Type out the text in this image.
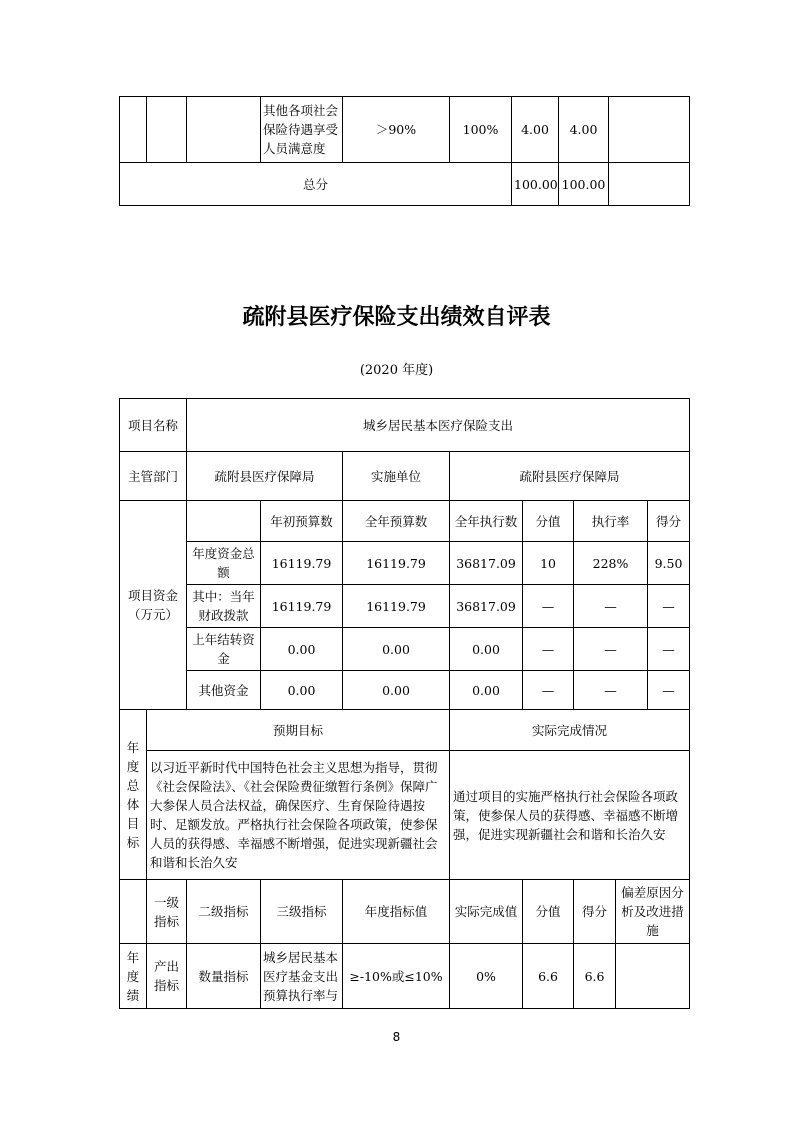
			其他各项社会保险待遇享受人员满意度	＞90%	100%	4.00	4.00	
总分						100.00	100.00	
疏附县医疗保险支出绩效自评表
(2020 年度)
项目名称		城乡居民基本医疗保险支出							
主管部门		疏附县医疗保障局		实施单位	疏附县医疗保障局				
项目资金（万元）			年初预算数	全年预算数	全年执行数	分值	执行率		得分
		年度资金总额	16119.79	16119.79	36817.09	10	228%		9.50
		其中：当年财政拨款	16119.79	16119.79	36817.09	—	—		—
		上年结转资金	0.00	0.00	0.00	—	—		—
		其他资金	0.00	0.00	0.00	—	—		—
年度总体目标	预期目标				实际完成情况				
	以习近平新时代中国特色社会主义思想为指导，贯彻《社会保险法》、《社会保险费征缴暂行条例》保障广大参保人员合法权益，确保医疗、生育保险待遇按时、足额发放。严格执行社会保险各项政策，使参保人员的获得感、幸福感不断增强，促进实现新疆社会和谐和长治久安				通过项目的实施严格执行社会保险各项政策，使参保人员的获得感、幸福感不断增强，促进实现新疆社会和谐和长治久安				
	一级指标	二级指标	三级指标	年度指标值	实际完成值	分值	得分	偏差原因分析及改进措施	
年度绩	产出指标	数量指标	城乡居民基本医疗基金支出预算执行率与	≥-10%或≤10%	0%	6.6	6.6		
8
